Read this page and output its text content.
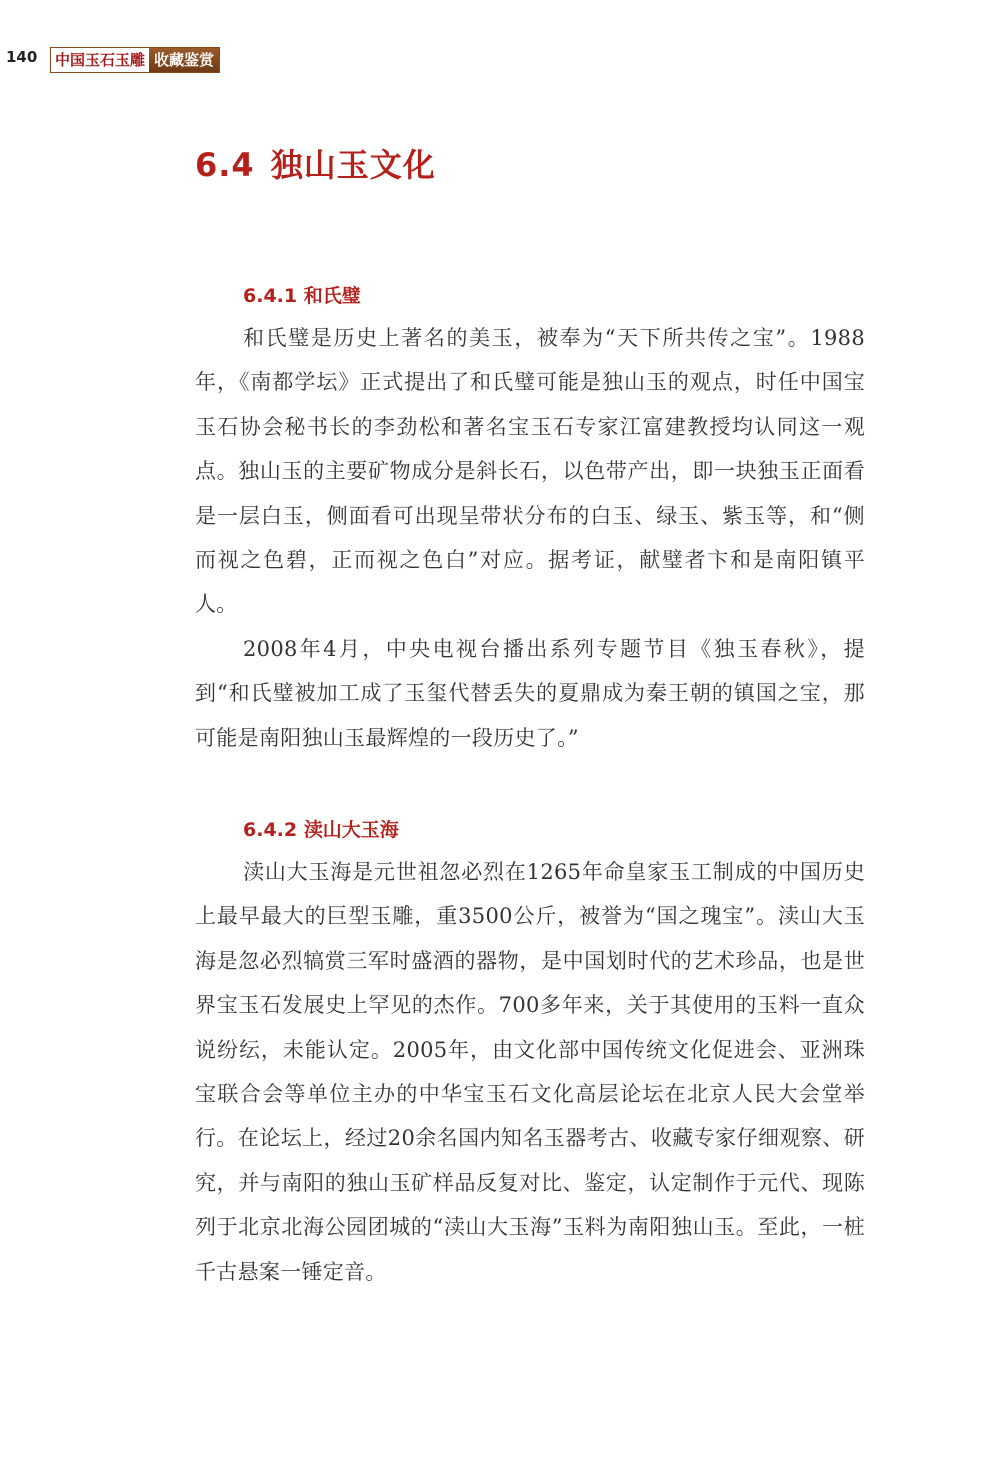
140 中国玉石玉雕 收藏鉴赏
6.4 独山玉文化
6.4.1 和氏璧

和氏璧是历史上著名的美玉，被奉为“天下所共传之宝”。1988年，《南都学坛》正式提出了和氏璧可能是独山玉的观点，时任中国宝玉石协会秘书长的李劲松和著名宝玉石专家江富建教授均认同这一观点。独山玉的主要矿物成分是斜长石，以色带产出，即一块独玉正面看是一层白玉，侧面看可出现呈带状分布的白玉、绿玉、紫玉等，和“侧而视之色碧，正而视之色白”对应。据考证，献璧者卞和是南阳镇平人。

2008年4月，中央电视台播出系列专题节目《独玉春秋》，提到“和氏璧被加工成了玉玺代替丢失的夏鼎成为秦王朝的镇国之宝，那可能是南阳独山玉最辉煌的一段历史了。”

6.4.2 渎山大玉海

渎山大玉海是元世祖忽必烈在1265年命皇家玉工制成的中国历史上最早最大的巨型玉雕，重3500公斤，被誉为“国之瑰宝”。渎山大玉海是忽必烈犒赏三军时盛酒的器物，是中国划时代的艺术珍品，也是世界宝玉石发展史上罕见的杰作。700多年来，关于其使用的玉料一直众说纷纭，未能认定。2005年，由文化部中国传统文化促进会、亚洲珠宝联合会等单位主办的中华宝玉石文化高层论坛在北京人民大会堂举行。在论坛上，经过20余名国内知名玉器考古、收藏专家仔细观察、研究，并与南阳的独山玉矿样品反复对比、鉴定，认定制作于元代、现陈列于北京北海公园团城的“渎山大玉海”玉料为南阳独山玉。至此，一桩千古悬案一锤定音。
